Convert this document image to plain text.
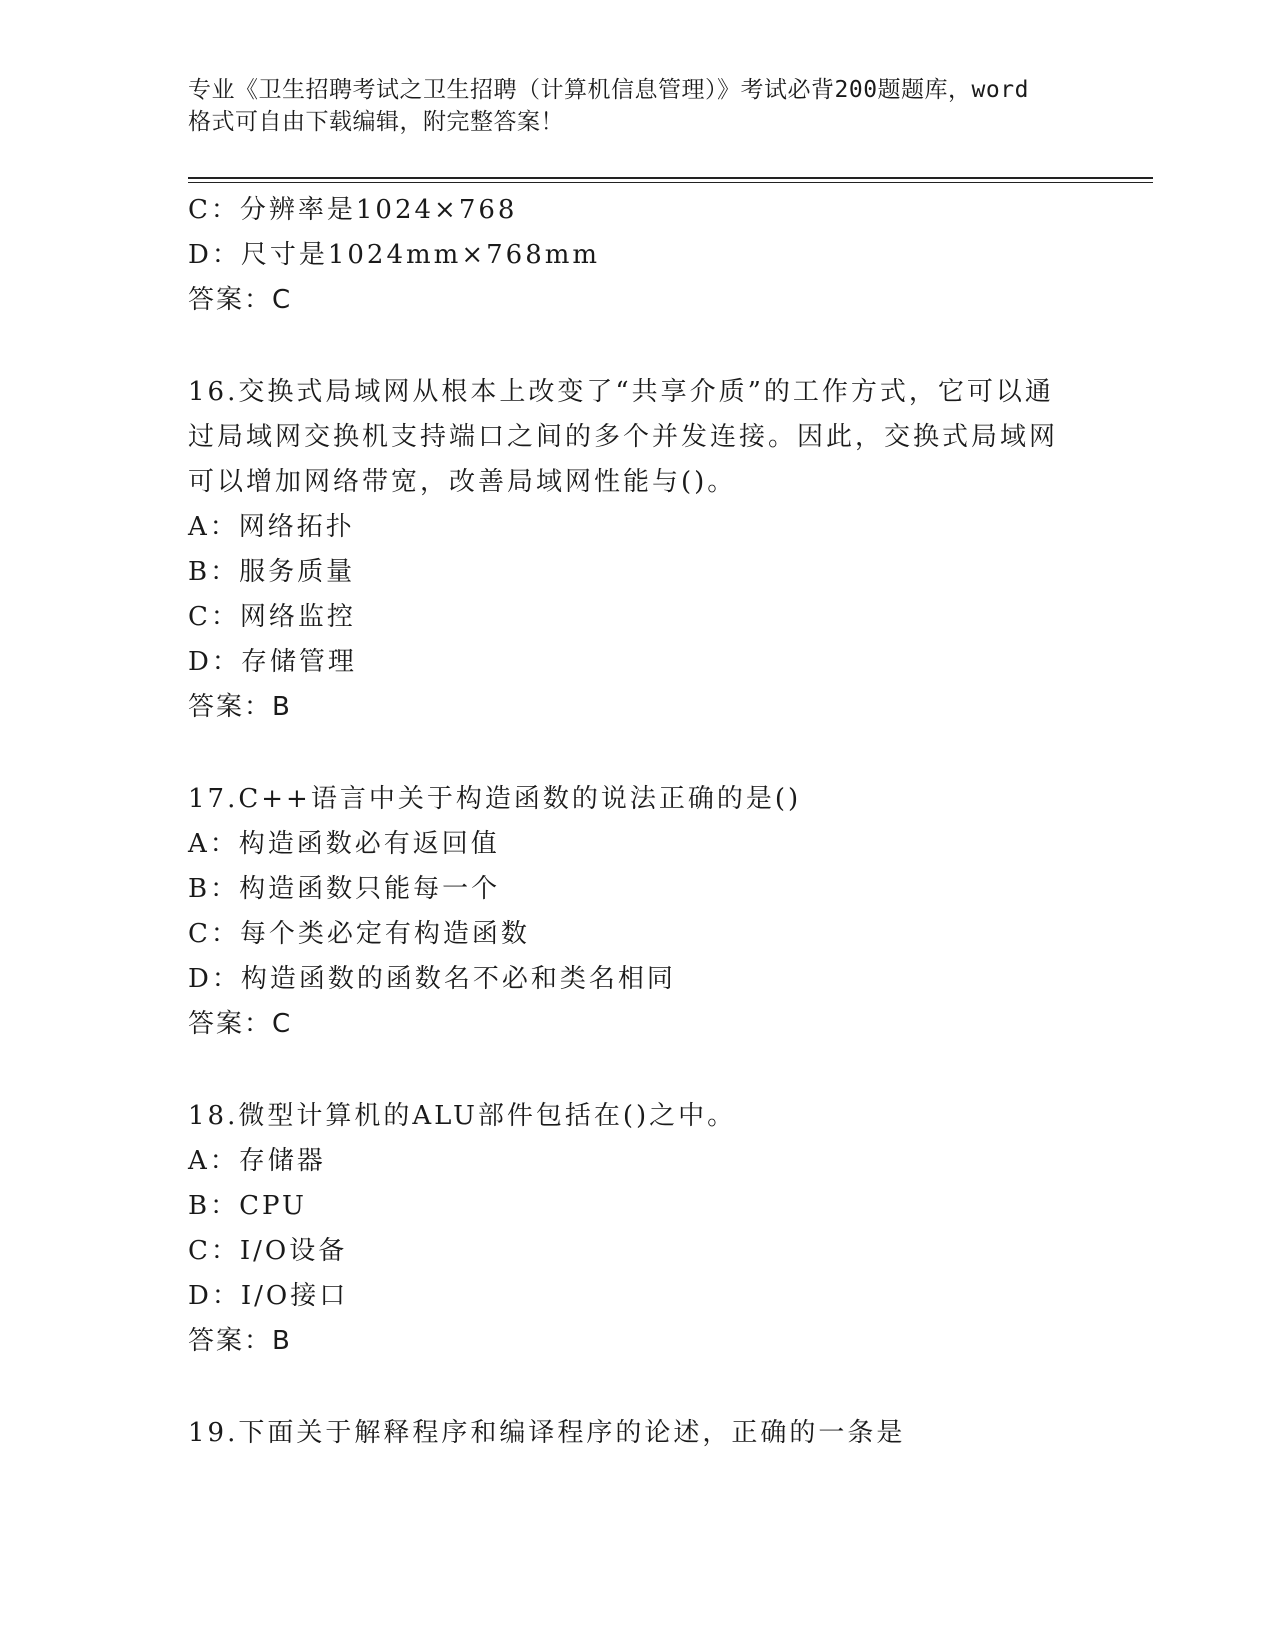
专业《卫生招聘考试之卫生招聘（计算机信息管理）》考试必背200题题库，word
格式可自由下载编辑，附完整答案！
C：分辨率是1024×768
D：尺寸是1024mm×768mm
答案：C
16.交换式局域网从根本上改变了“共享介质”的工作方式，它可以通
过局域网交换机支持端口之间的多个并发连接。因此，交换式局域网
可以增加网络带宽，改善局域网性能与()。
A：网络拓扑
B：服务质量
C：网络监控
D：存储管理
答案：B
17.C++语言中关于构造函数的说法正确的是()
A：构造函数必有返回值
B：构造函数只能每一个
C：每个类必定有构造函数
D：构造函数的函数名不必和类名相同
答案：C
18.微型计算机的ALU部件包括在()之中。
A：存储器
B：CPU
C：I/O设备
D：I/O接口
答案：B
19.下面关于解释程序和编译程序的论述，正确的一条是
